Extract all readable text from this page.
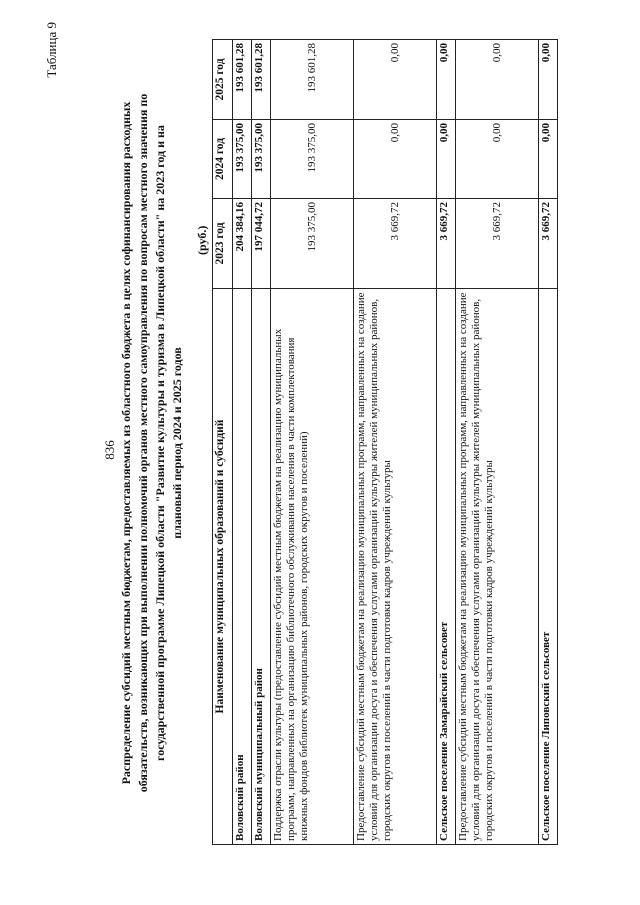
836
Таблица 9
Распределение субсидий местным бюджетам, предоставляемых из областного бюджета в целях софинансирования расходных обязательств, возникающих при выполнении полномочий органов местного самоуправления по вопросам местного значения по государственной программе Липецкой области "Развитие культуры и туризма в Липецкой области" на 2023 год и на плановый период 2024 и 2025 годов
(руб.)
Наименование муниципальных образований и субсидий	2023 год	2024 год	2025 год
Воловский район	204 384,16	193 375,00	193 601,28
Воловский муниципальный район	197 044,72	193 375,00	193 601,28
Поддержка отрасли культуры (предоставление субсидий местным бюджетам на реализацию муниципальных программ, направленных на организацию библиотечного обслуживания населения в части комплектования книжных фондов библиотек муниципальных районов, городских округов и поселений)	193 375,00	193 375,00	193 601,28
Предоставление субсидий местным бюджетам на реализацию муниципальных программ, направленных на создание условий для организации досуга и обеспечения услугами организаций культуры жителей муниципальных районов, городских округов и поселений в части подготовки кадров учреждений культуры	3 669,72	0,00	0,00
Сельское поселение Замарайский сельсовет	3 669,72	0,00	0,00
Предоставление субсидий местным бюджетам на реализацию муниципальных программ, направленных на создание условий для организации досуга и обеспечения услугами организаций культуры жителей муниципальных районов, городских округов и поселений в части подготовки кадров учреждений культуры	3 669,72	0,00	0,00
Сельское поселение Липовский сельсовет	3 669,72	0,00	0,00
